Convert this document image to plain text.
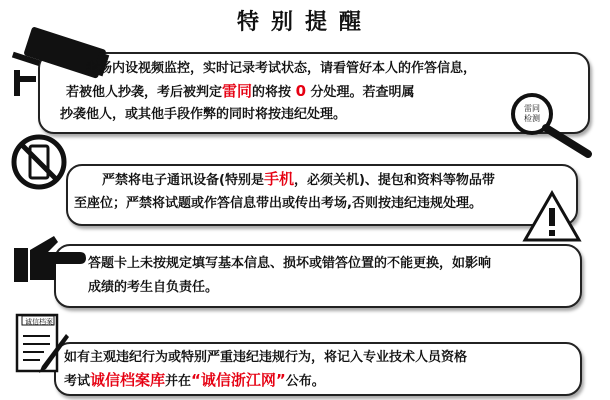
特别提醒
考场内设视频监控，实时记录考试状态，请看管好本人的作答信息，
若被他人抄袭，考后被判定雷同的将按 0 分处理。若查明属
抄袭他人，或其他手段作弊的同时将按违纪处理。	雷同
检测
严禁将电子通讯设备(特别是手机，必须关机)、提包和资料等物品带
至座位；严禁将试题或作答信息带出或传出考场,否则按违纪违规处理。
答题卡上未按规定填写基本信息、损坏或错答位置的不能更换，如影响
成绩的考生自负责任。
诚信档案
如有主观违纪行为或特别严重违纪违规行为，将记入专业技术人员资格
考试诚信档案库并在“诚信浙江网”公布。
